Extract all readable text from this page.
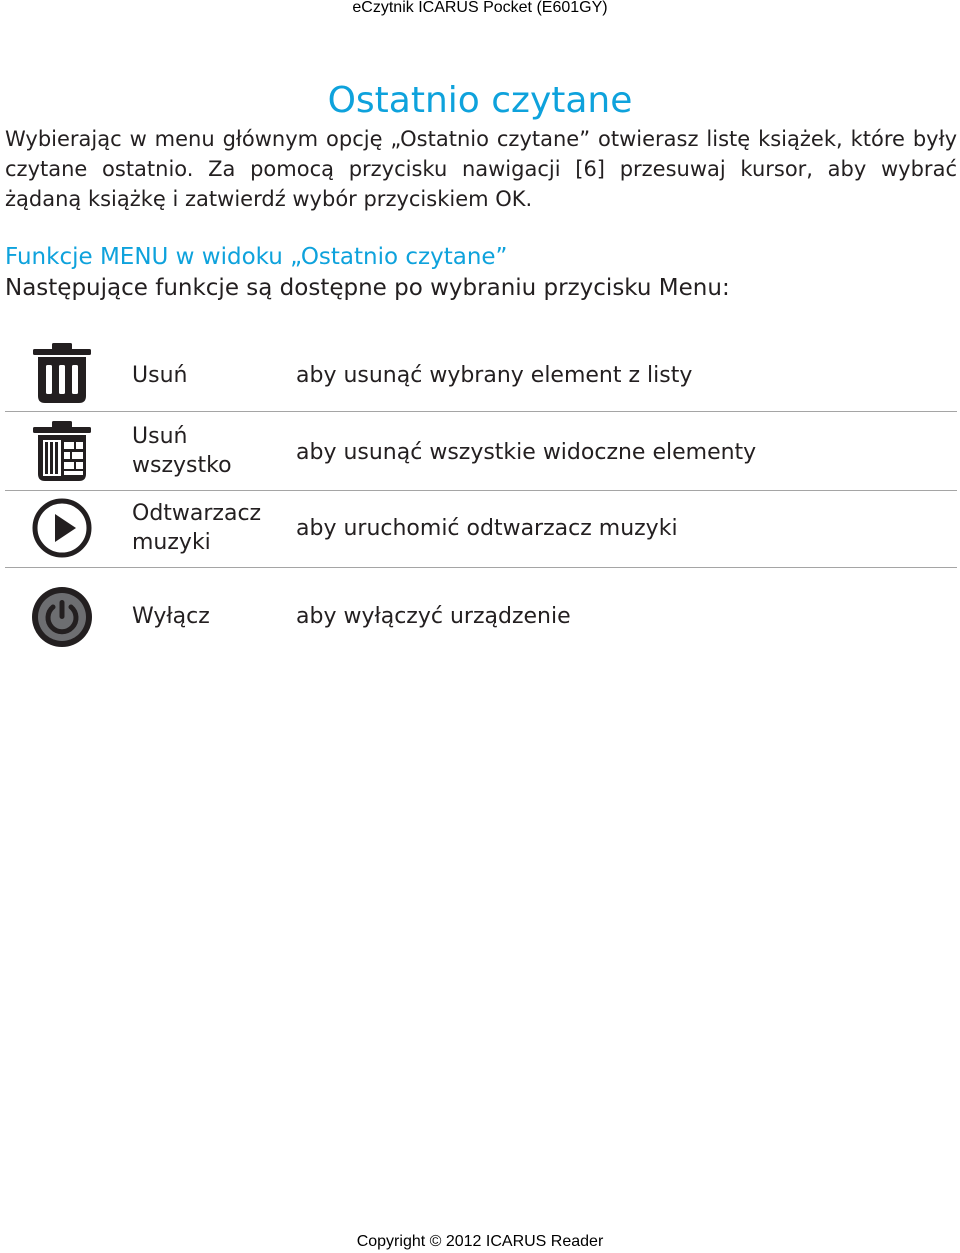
eCzytnik ICARUS Pocket (E601GY)
Ostatnio czytane

Wybierając w menu głównym opcję „Ostatnio czytane” otwierasz listę książek, które były czytane ostatnio. Za pomocą przycisku nawigacji [6] przesuwaj kursor, aby wybrać żądaną książkę i zatwierdź wybór przyciskiem OK.

Funkcje MENU w widoku „Ostatnio czytane”

Następujące funkcje są dostępne po wybraniu przycisku Menu:

Usuń	aby usunąć wybrany element z listy
Usuń wszystko
aby usunąć wszystkie widoczne elementy
Odtwarzacz muzyki
aby uruchomić odtwarzacz muzyki
Wyłącz	aby wyłączyć urządzenie
Copyright © 2012 ICARUS Reader
